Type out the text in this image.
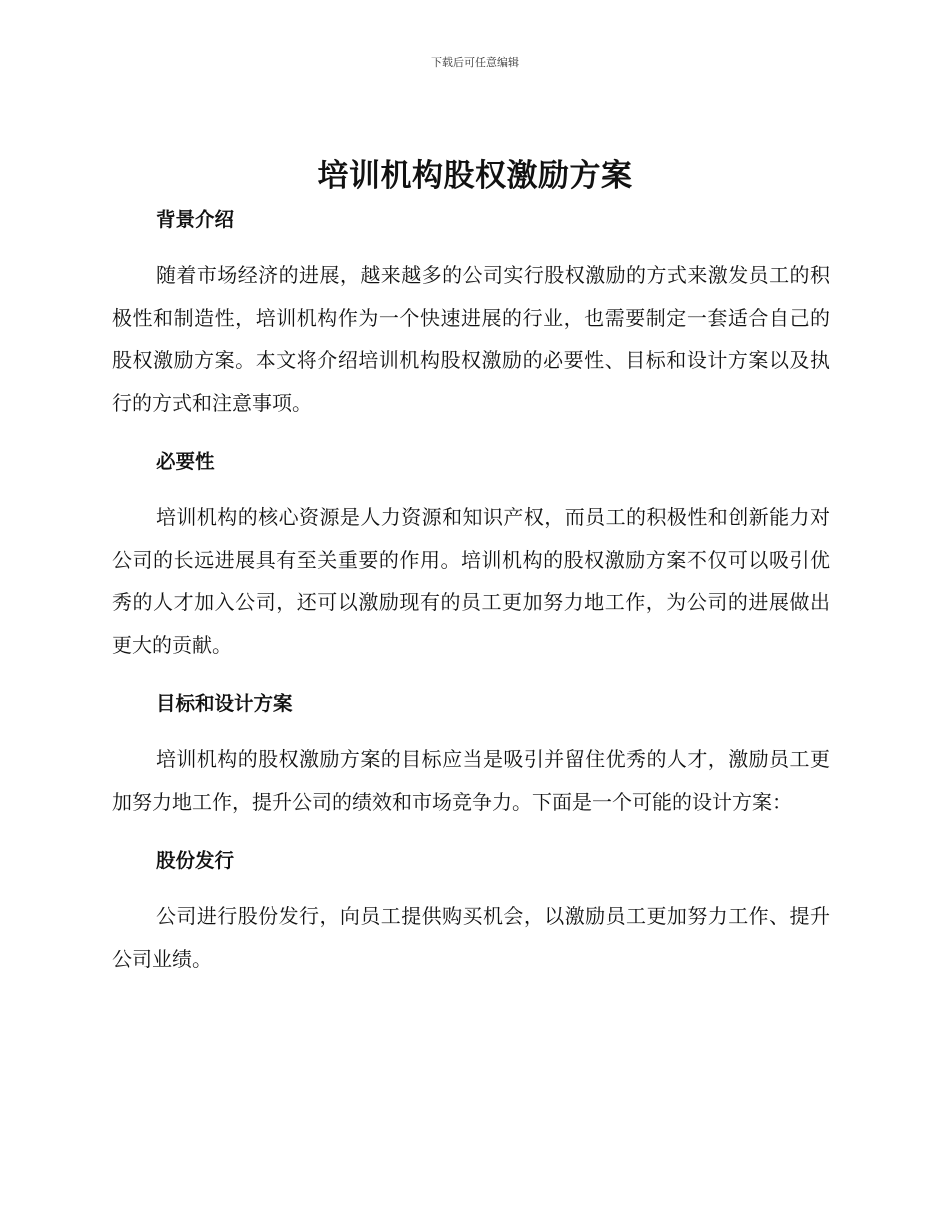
下载后可任意编辑
培训机构股权激励方案
背景介绍

随着市场经济的进展，越来越多的公司实行股权激励的方式来激发员工的积极性和制造性，培训机构作为一个快速进展的行业，也需要制定一套适合自己的股权激励方案。本文将介绍培训机构股权激励的必要性、目标和设计方案以及执行的方式和注意事项。

必要性

培训机构的核心资源是人力资源和知识产权，而员工的积极性和创新能力对公司的长远进展具有至关重要的作用。培训机构的股权激励方案不仅可以吸引优秀的人才加入公司，还可以激励现有的员工更加努力地工作，为公司的进展做出更大的贡献。

目标和设计方案

培训机构的股权激励方案的目标应当是吸引并留住优秀的人才，激励员工更加努力地工作，提升公司的绩效和市场竞争力。下面是一个可能的设计方案：

股份发行

公司进行股份发行，向员工提供购买机会，以激励员工更加努力工作、提升公司业绩。
